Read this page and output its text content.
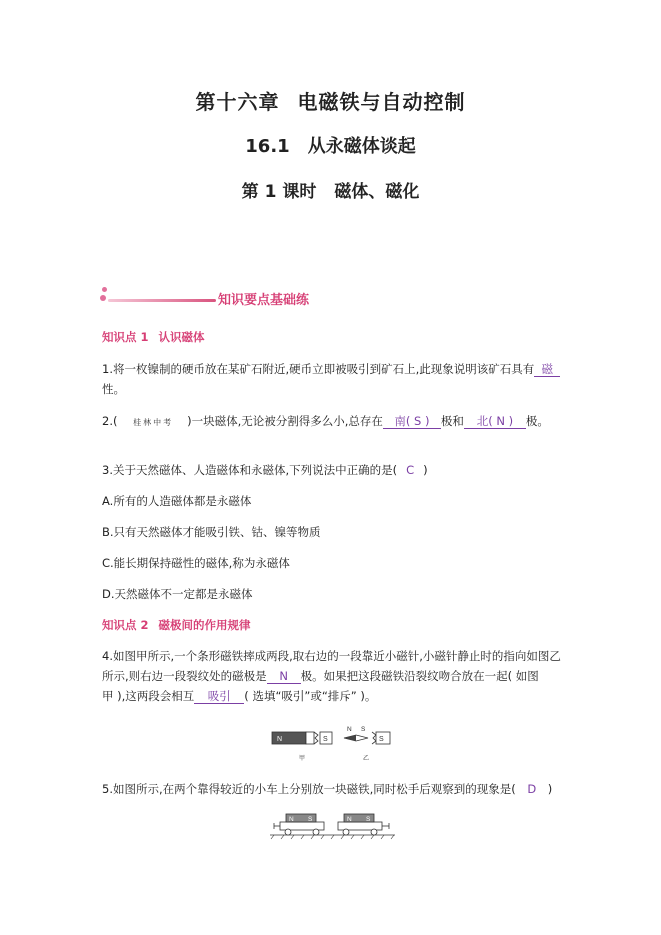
第十六章 电磁铁与自动控制
16.1 从永磁体谈起
第 1 课时 磁体、磁化
知识要点基础练
知识点 1 认识磁体
1.将一枚镍制的硬币放在某矿石附近,硬币立即被吸引到矿石上,此现象说明该矿石具有 磁
性。
2.( 桂林中考 )一块磁体,无论被分割得多么小,总存在 南( S ) 极和 北( N ) 极。
3.关于天然磁体、人造磁体和永磁体,下列说法中正确的是( C )
A.所有的人造磁体都是永磁体
B.只有天然磁体才能吸引铁、钴、镍等物质
C.能长期保持磁性的磁体,称为永磁体
D.天然磁体不一定都是永磁体
知识点 2 磁极间的作用规律
4.如图甲所示,一个条形磁铁摔成两段,取右边的一段靠近小磁针,小磁针静止时的指向如图乙
所示,则右边一段裂纹处的磁极是 N 极。如果把这段磁铁沿裂纹吻合放在一起( 如图
甲 ),这两段会相互 吸引 ( 选填“吸引”或“排斥” )。
N	S
甲
N S
S
乙
5.如图所示,在两个靠得较近的小车上分别放一块磁铁,同时松手后观察到的现象是( D )
N S	N S
